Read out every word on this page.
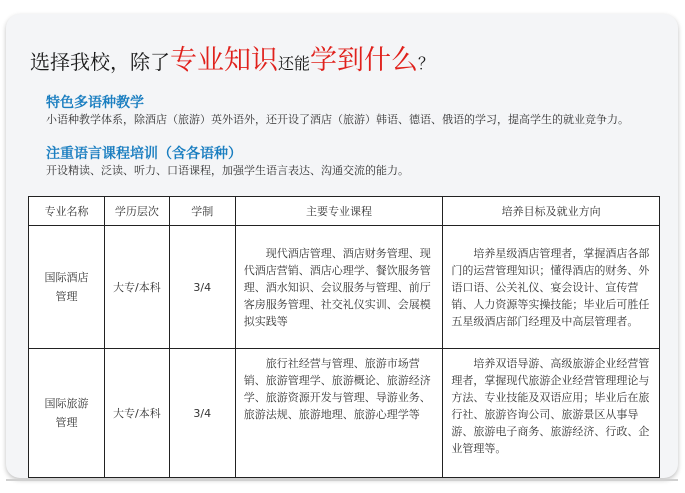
选择我校，除了专业知识还能学到什么？
特色多语种教学
小语种教学体系，除酒店（旅游）英外语外，还开设了酒店（旅游）韩语、德语、俄语的学习，提高学生的就业竞争力。
注重语言课程培训（含各语种）
开设精读、泛读、听力、口语课程，加强学生语言表达、沟通交流的能力。
专业名称	学历层次	学制	主要专业课程	培养目标及就业方向
国际酒店管理	大专/本科	3/4	　　现代酒店管理、酒店财务管理、现代酒店营销、酒店心理学、餐饮服务管理、酒水知识、会议服务与管理、前厅客房服务管理、社交礼仪实训、会展模拟实践等	　　培养星级酒店管理者，掌握酒店各部门的运营管理知识；懂得酒店的财务、外语口语、公关礼仪、宴会设计、宣传营销、人力资源等实操技能；毕业后可胜任五星级酒店部门经理及中高层管理者。
国际旅游管理	大专/本科	3/4	　　旅行社经营与管理、旅游市场营销、旅游管理学、旅游概论、旅游经济学、旅游资源开发与管理、导游业务、旅游法规、旅游地理、旅游心理学等	　　培养双语导游、高级旅游企业经营管理者，掌握现代旅游企业经营管理理论与方法、专业技能及双语应用；毕业后在旅行社、旅游咨询公司、旅游景区从事导游、旅游电子商务、旅游经济、行政、企业管理等。
